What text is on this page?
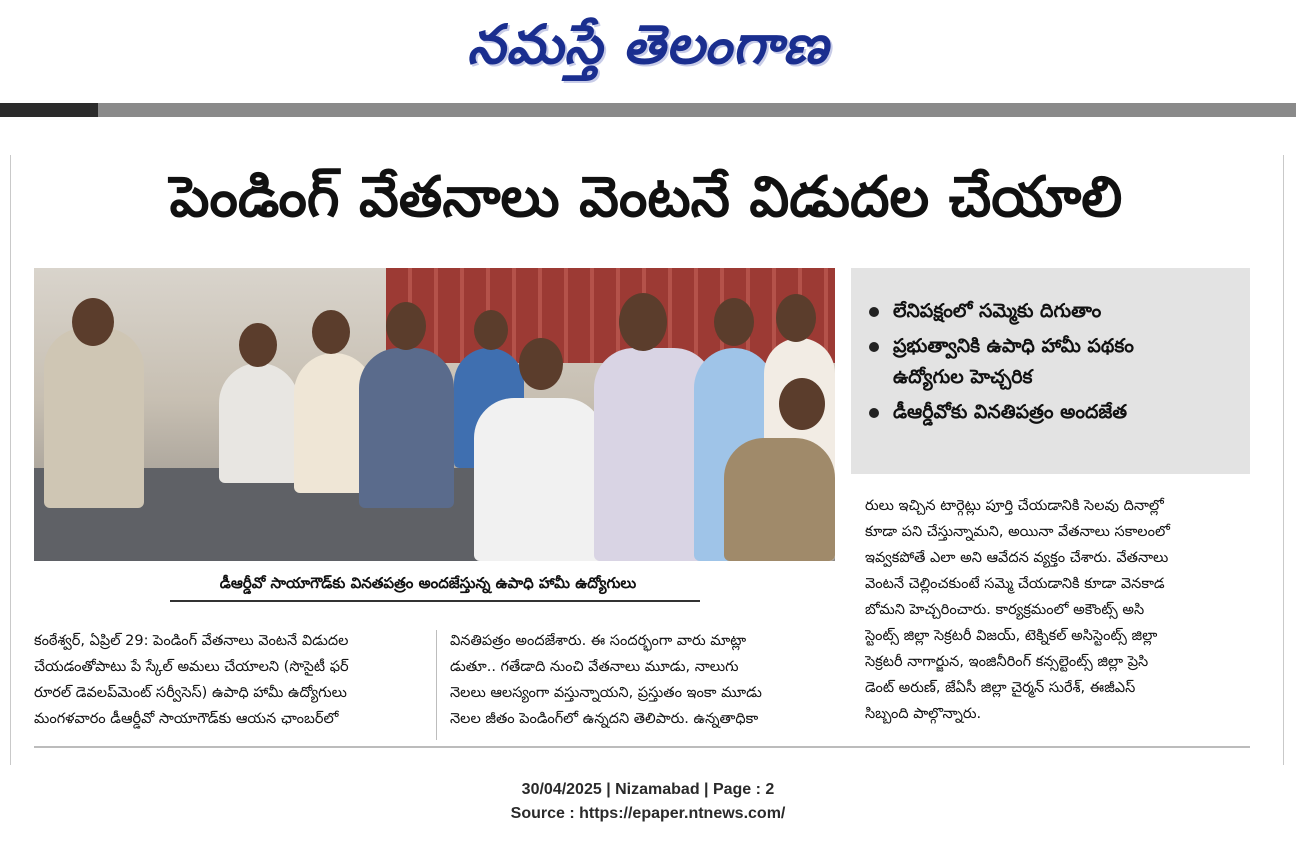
నమస్తే తెలంగాణ
పెండింగ్ వేతనాలు వెంటనే విడుదల చేయాలి
డీఆర్డీవో సాయాగౌడ్‌కు వినతపత్రం అందజేస్తున్న ఉపాధి హామీ ఉద్యోగులు
లేనిపక్షంలో సమ్మెకు దిగుతాం
ప్రభుత్వానికి ఉపాధి హామీ పథకం
ఉద్యోగుల హెచ్చరిక
డీఆర్డీవోకు వినతిపత్రం అందజేత
కంఠేశ్వర్, ఏప్రిల్ 29: పెండింగ్ వేతనాలు వెంటనే విడుదల
చేయడంతోపాటు పే స్కేల్ అమలు చేయాలని (సొసైటీ ఫర్
రూరల్ డెవలప్‌మెంట్ సర్వీసెస్) ఉపాధి హామీ ఉద్యోగులు
మంగళవారం డీఆర్డీవో సాయాగౌడ్‌కు ఆయన ఛాంబర్‌లో
వినతిపత్రం అందజేశారు. ఈ సందర్భంగా వారు మాట్లా
డుతూ.. గతేడాది నుంచి వేతనాలు మూడు, నాలుగు
నెలలు ఆలస్యంగా వస్తున్నాయని, ప్రస్తుతం ఇంకా మూడు
నెలల జీతం పెండింగ్‌లో ఉన్నదని తెలిపారు. ఉన్నతాధికా
రులు ఇచ్చిన టార్గెట్లు పూర్తి చేయడానికి సెలవు దినాల్లో
కూడా పని చేస్తున్నామని, అయినా వేతనాలు సకాలంలో
ఇవ్వకపోతే ఎలా అని ఆవేదన వ్యక్తం చేశారు. వేతనాలు
వెంటనే చెల్లించకుంటే సమ్మె చేయడానికి కూడా వెనకాడ
బోమని హెచ్చరించారు. కార్యక్రమంలో అకౌంట్స్ అసి
స్టెంట్స్ జిల్లా సెక్రటరీ విజయ్, టెక్నికల్ అసిస్టెంట్స్ జిల్లా
సెక్రటరీ నాగార్జున, ఇంజినీరింగ్ కన్సల్టెంట్స్ జిల్లా ప్రెసి
డెంట్ అరుణ్, జేఏసీ జిల్లా చైర్మన్ సురేశ్, ఈజీఎస్
సిబ్బంది పాల్గొన్నారు.
30/04/2025 | Nizamabad | Page : 2
Source : https://epaper.ntnews.com/
